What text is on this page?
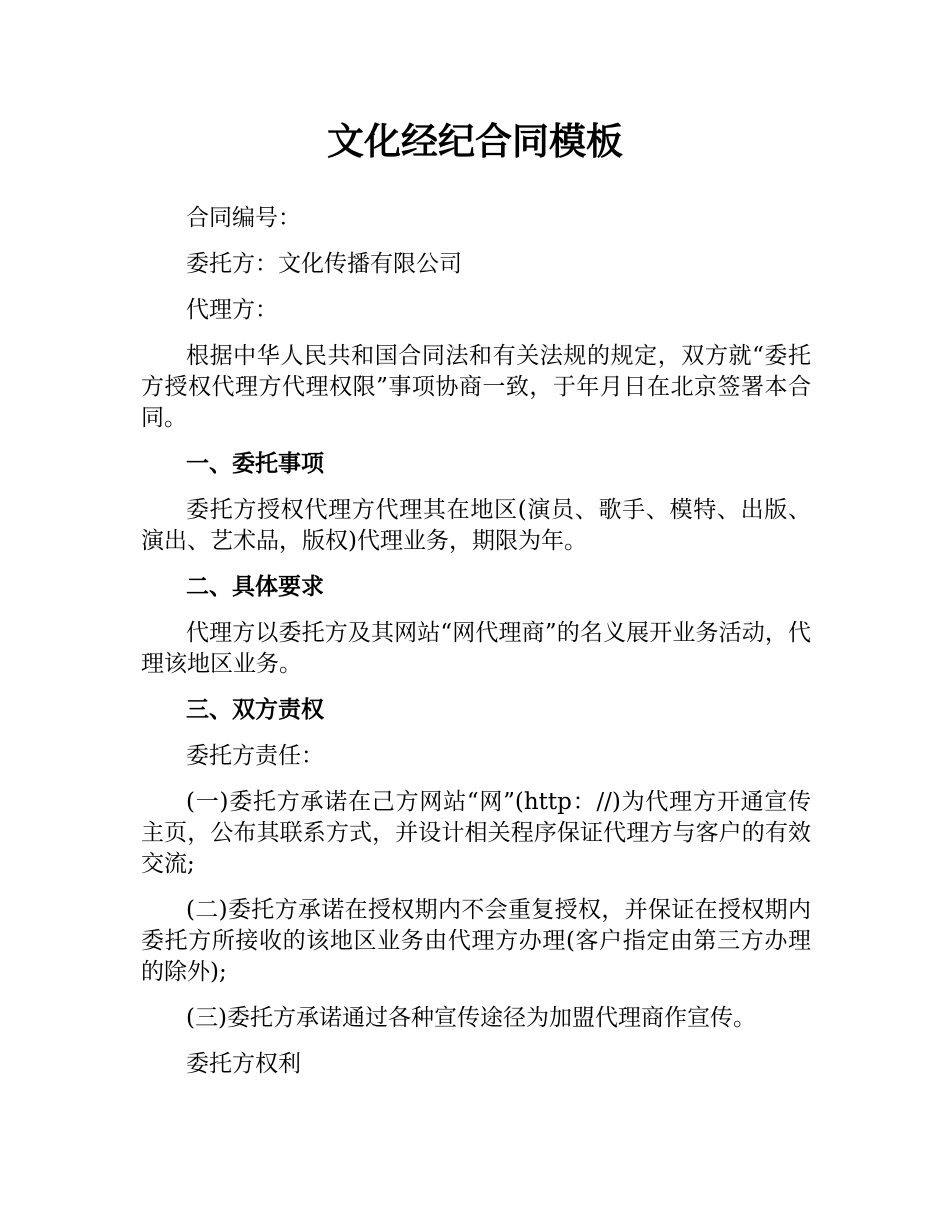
文化经纪合同模板

合同编号：

委托方：文化传播有限公司

代理方：

根据中华人民共和国合同法和有关法规的规定，双方就“委托方授权代理方代理权限”事项协商一致，于年月日在北京签署本合同。

一、委托事项

委托方授权代理方代理其在地区(演员、歌手、模特、出版、演出、艺术品，版权)代理业务，期限为年。

二、具体要求

代理方以委托方及其网站“网代理商”的名义展开业务活动，代理该地区业务。

三、双方责权

委托方责任：

(一)委托方承诺在己方网站“网”(http：//)为代理方开通宣传主页，公布其联系方式，并设计相关程序保证代理方与客户的有效交流;

(二)委托方承诺在授权期内不会重复授权，并保证在授权期内委托方所接收的该地区业务由代理方办理(客户指定由第三方办理的除外);

(三)委托方承诺通过各种宣传途径为加盟代理商作宣传。

委托方权利
